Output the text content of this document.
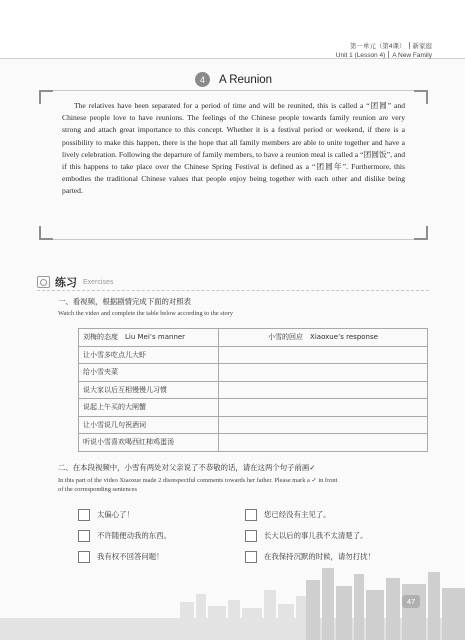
第一单元（第4课） 新家庭
Unit 1 (Lesson 4) A New Family
4	A Reunion

The relatives have been separated for a period of time and will be reunited, this is called a “团圆” and Chinese people love to have reunions. The feelings of the Chinese people towards family reunion are very strong and attach great importance to this concept. Whether it is a festival period or weekend, if there is a possibility to make this happen, there is the hope that all family members are able to unite together and have a lively celebration. Following the departure of family members, to have a reunion meal is called a “团圆饭”, and if this happens to take place over the Chinese Spring Festival is defined as a “团圆年”. Furthermore, this embodies the traditional Chinese values that people enjoy being together with each other and dislike being parted.

练习 Exercises
一、看视频，根据剧情完成下面的对照表
Watch the video and complete the table below according to the story
刘梅的态度　Liu Mei’s manner	小雪的回应　Xiaoxue’s response
让小雪多吃点儿大虾	
给小雪夹菜	
说大家以后互相慢慢儿习惯	
说起上午买的大闸蟹	
让小雪说几句祝酒词	
听说小雪喜欢喝西红柿鸡蛋汤	
二、在本段视频中，小雪有两处对父亲说了不恭敬的话，请在这两个句子前画✓
In this part of the video Xiaoxue made 2 disrespectful comments towards her father. Please mark a ✓ in front
of the corresponding sentences
太偏心了！
不许随便动我的东西。
我有权不回答问题！
您已经没有主见了。
长大以后的事儿我不太清楚了。
在我保持沉默的时候，请勿打扰！
47
